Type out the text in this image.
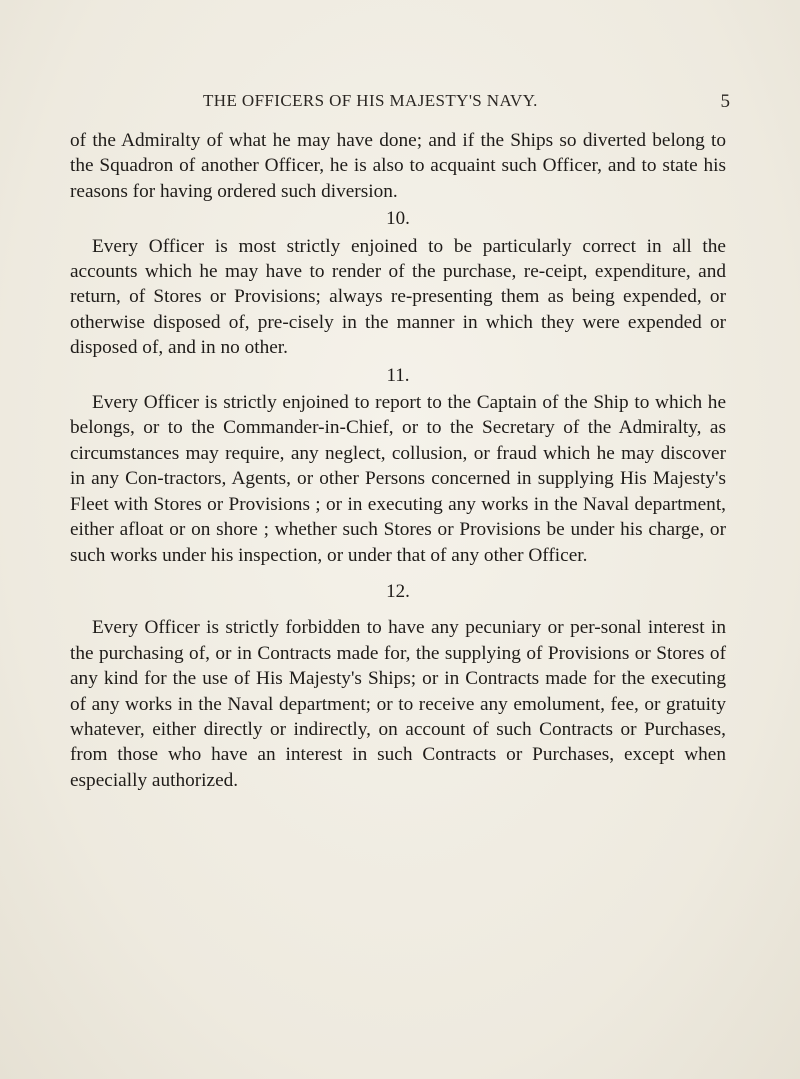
THE OFFICERS OF HIS MAJESTY'S NAVY.	5

of the Admiralty of what he may have done; and if the Ships so diverted belong to the Squadron of another Officer, he is also to acquaint such Officer, and to state his reasons for having ordered such diversion.

10.

Every Officer is most strictly enjoined to be particularly correct in all the accounts which he may have to render of the purchase, re-ceipt, expenditure, and return, of Stores or Provisions; always re-presenting them as being expended, or otherwise disposed of, pre-cisely in the manner in which they were expended or disposed of, and in no other.

11.

Every Officer is strictly enjoined to report to the Captain of the Ship to which he belongs, or to the Commander-in-Chief, or to the Secretary of the Admiralty, as circumstances may require, any neglect, collusion, or fraud which he may discover in any Con-tractors, Agents, or other Persons concerned in supplying His Majesty's Fleet with Stores or Provisions ; or in executing any works in the Naval department, either afloat or on shore ; whether such Stores or Provisions be under his charge, or such works under his inspection, or under that of any other Officer.

12.

Every Officer is strictly forbidden to have any pecuniary or per-sonal interest in the purchasing of, or in Contracts made for, the supplying of Provisions or Stores of any kind for the use of His Majesty's Ships; or in Contracts made for the executing of any works in the Naval department; or to receive any emolument, fee, or gratuity whatever, either directly or indirectly, on account of such Contracts or Purchases, from those who have an interest in such Contracts or Purchases, except when especially authorized.
